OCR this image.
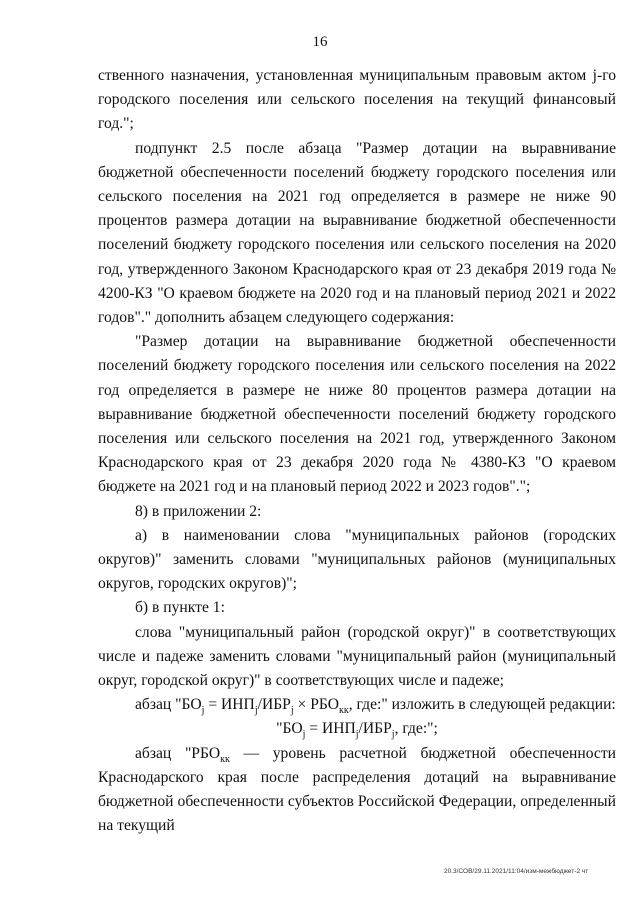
16

ственного назначения, установленная муниципальным правовым актом j-го городского поселения или сельского поселения на текущий финансовый год.";

подпункт 2.5 после абзаца "Размер дотации на выравнивание бюджетной обеспеченности поселений бюджету городского поселения или сельского поселения на 2021 год определяется в размере не ниже 90 процентов размера дотации на выравнивание бюджетной обеспеченности поселений бюджету городского поселения или сельского поселения на 2020 год, утвержденного Законом Краснодарского края от 23 декабря 2019 года № 4200-КЗ "О краевом бюджете на 2020 год и на плановый период 2021 и 2022 годов"." дополнить абзацем следующего содержания:

"Размер дотации на выравнивание бюджетной обеспеченности поселений бюджету городского поселения или сельского поселения на 2022 год определяется в размере не ниже 80 процентов размера дотации на выравнивание бюджетной обеспеченности поселений бюджету городского поселения или сельского поселения на 2021 год, утвержденного Законом Краснодарского края от 23 декабря 2020 года № 4380-КЗ "О краевом бюджете на 2021 год и на плановый период 2022 и 2023 годов".";

8) в приложении 2:

а) в наименовании слова "муниципальных районов (городских округов)" заменить словами "муниципальных районов (муниципальных округов, городских округов)";

б) в пункте 1:

слова "муниципальный район (городской округ)" в соответствующих числе и падеже заменить словами "муниципальный район (муниципальный округ, городской округ)" в соответствующих числе и падеже;

абзац "$БО_j = ИНП_j/ИБР_j \times РБО_{кк}$, где:" изложить в следующей редакции:

"$БО_j = ИНП_j/ИБР_j$, где:";

абзац "$РБО_{кк}$ — уровень расчетной бюджетной обеспеченности Краснодарского края после распределения дотаций на выравнивание бюджетной обеспеченности субъектов Российской Федерации, определенный на текущий

20.3/СОВ/29.11.2021/11:04/изм-межбюджет-2 чт
